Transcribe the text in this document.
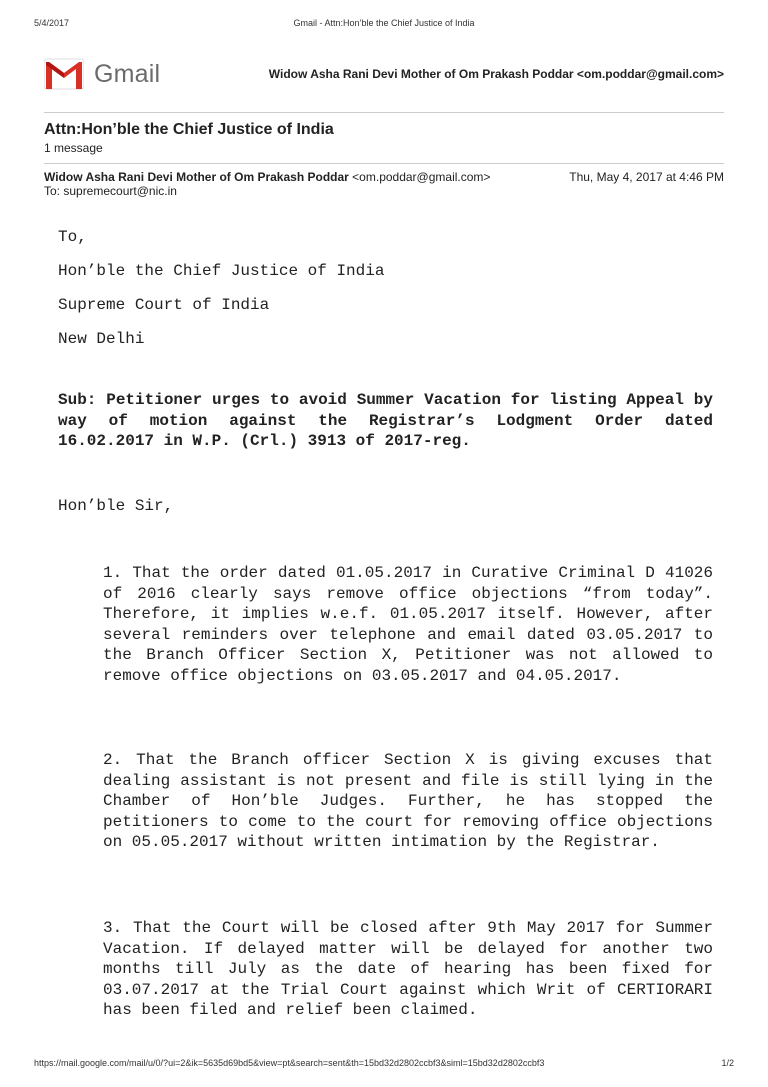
5/4/2017	Gmail - Attn:Hon’ble the Chief Justice of India
Gmail	Widow Asha Rani Devi Mother of Om Prakash Poddar <om.poddar@gmail.com>
Attn:Hon’ble the Chief Justice of India
1 message
Widow Asha Rani Devi Mother of Om Prakash Poddar <om.poddar@gmail.com>	Thu, May 4, 2017 at 4:46 PM
To: supremecourt@nic.in
To,
Hon’ble the Chief Justice of India
Supreme Court of India
New Delhi
Sub: Petitioner urges to avoid Summer Vacation for listing Appeal by way of motion against the Registrar’s Lodgment Order dated 16.02.2017 in W.P. (Crl.) 3913 of 2017-reg.
Hon’ble Sir,
1. That the order dated 01.05.2017 in Curative Criminal D 41026 of 2016 clearly says remove office objections “from today”. Therefore, it implies w.e.f. 01.05.2017 itself. However, after several reminders over telephone and email dated 03.05.2017 to the Branch Officer Section X, Petitioner was not allowed to remove office objections on 03.05.2017 and 04.05.2017.
2. That the Branch officer Section X is giving excuses that dealing assistant is not present and file is still lying in the Chamber of Hon’ble Judges. Further, he has stopped the petitioners to come to the court for removing office objections on 05.05.2017 without written intimation by the Registrar.
3. That the Court will be closed after 9th May 2017 for Summer Vacation. If delayed matter will be delayed for another two months till July as the date of hearing has been fixed for 03.07.2017 at the Trial Court against which Writ of CERTIORARI has been filed and relief been claimed.
https://mail.google.com/mail/u/0/?ui=2&ik=5635d69bd5&view=pt&search=sent&th=15bd32d2802ccbf3&siml=15bd32d2802ccbf3	1/2
